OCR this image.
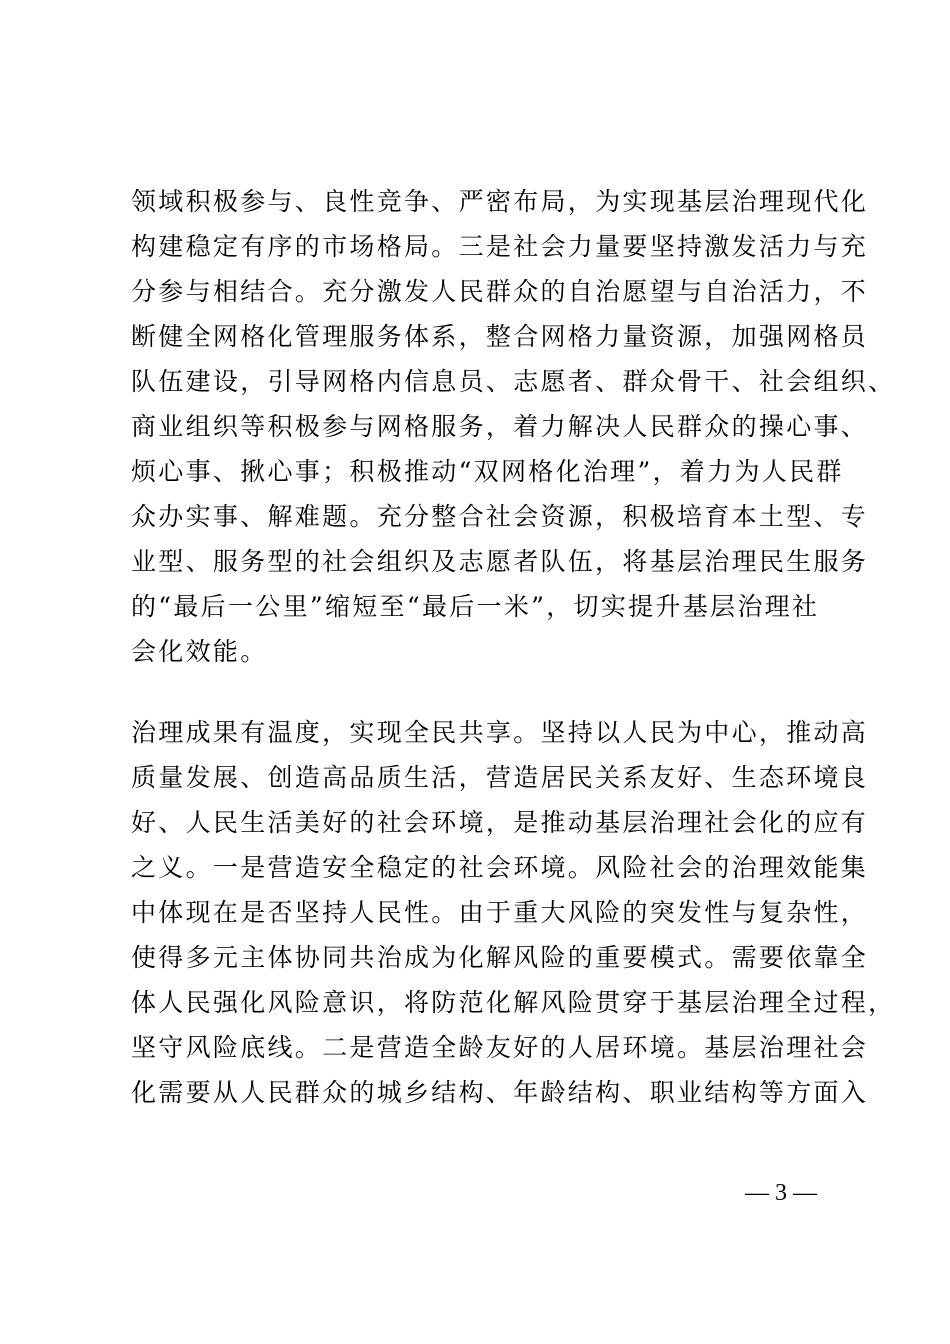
领域积极参与、良性竞争、严密布局，为实现基层治理现代化
构建稳定有序的市场格局。三是社会力量要坚持激发活力与充
分参与相结合。充分激发人民群众的自治愿望与自治活力，不
断健全网格化管理服务体系，整合网格力量资源，加强网格员
队伍建设，引导网格内信息员、志愿者、群众骨干、社会组织、
商业组织等积极参与网格服务，着力解决人民群众的操心事、
烦心事、揪心事；积极推动“双网格化治理”，着力为人民群
众办实事、解难题。充分整合社会资源，积极培育本土型、专
业型、服务型的社会组织及志愿者队伍，将基层治理民生服务
的“最后一公里”缩短至“最后一米”，切实提升基层治理社
会化效能。
治理成果有温度，实现全民共享。坚持以人民为中心，推动高
质量发展、创造高品质生活，营造居民关系友好、生态环境良
好、人民生活美好的社会环境，是推动基层治理社会化的应有
之义。一是营造安全稳定的社会环境。风险社会的治理效能集
中体现在是否坚持人民性。由于重大风险的突发性与复杂性，
使得多元主体协同共治成为化解风险的重要模式。需要依靠全
体人民强化风险意识，将防范化解风险贯穿于基层治理全过程，
坚守风险底线。二是营造全龄友好的人居环境。基层治理社会
化需要从人民群众的城乡结构、年龄结构、职业结构等方面入
— 3 —
